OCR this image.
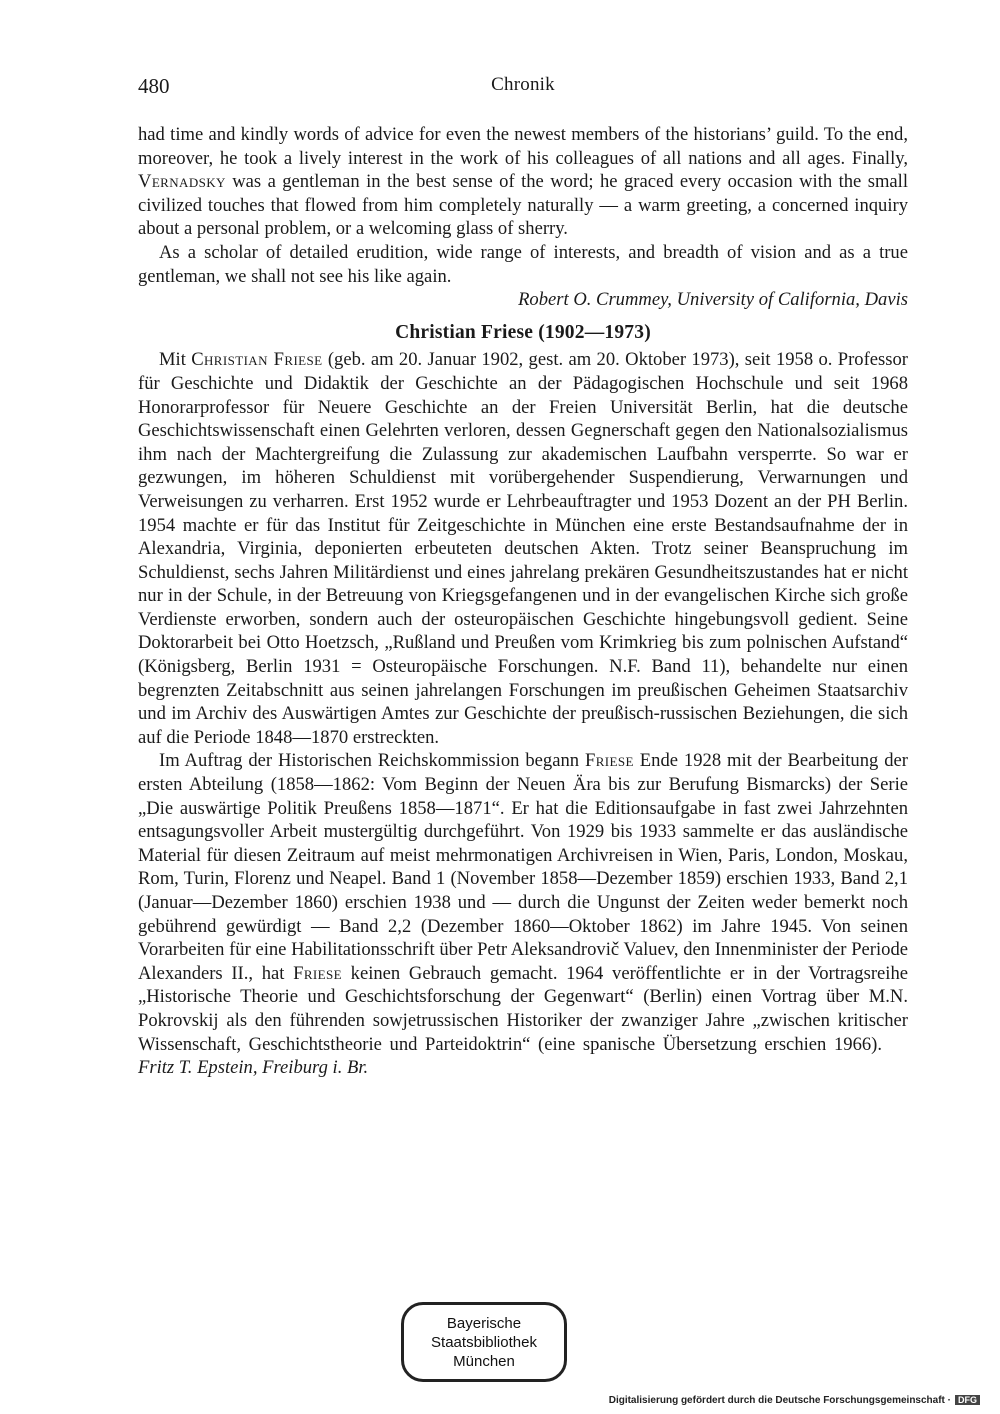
480	Chronik

had time and kindly words of advice for even the newest members of the historians’ guild. To the end, moreover, he took a lively interest in the work of his colleagues of all nations and all ages. Finally, Vernadsky was a gentleman in the best sense of the word; he graced every occasion with the small civilized touches that flowed from him completely naturally — a warm greeting, a concerned inquiry about a personal problem, or a welcoming glass of sherry.

As a scholar of detailed erudition, wide range of interests, and breadth of vision and as a true gentleman, we shall not see his like again.

Robert O. Crummey, University of California, Davis

Christian Friese (1902—1973)

Mit Christian Friese (geb. am 20. Januar 1902, gest. am 20. Oktober 1973), seit 1958 o. Professor für Geschichte und Didaktik der Geschichte an der Pädagogischen Hochschule und seit 1968 Honorarprofessor für Neuere Geschichte an der Freien Universität Berlin, hat die deutsche Geschichtswissenschaft einen Gelehrten verloren, dessen Gegnerschaft gegen den Nationalsozialismus ihm nach der Machtergreifung die Zulassung zur akademischen Laufbahn versperrte. So war er gezwungen, im höheren Schuldienst mit vorübergehender Suspendierung, Verwarnungen und Verweisungen zu verharren. Erst 1952 wurde er Lehrbeauftragter und 1953 Dozent an der PH Berlin. 1954 machte er für das Institut für Zeitgeschichte in München eine erste Bestandsaufnahme der in Alexandria, Virginia, deponierten erbeuteten deutschen Akten. Trotz seiner Beanspruchung im Schuldienst, sechs Jahren Militärdienst und eines jahrelang prekären Gesundheitszustandes hat er nicht nur in der Schule, in der Betreuung von Kriegsgefangenen und in der evangelischen Kirche sich große Verdienste erworben, sondern auch der osteuropäischen Geschichte hingebungsvoll gedient. Seine Doktorarbeit bei Otto Hoetzsch, „Rußland und Preußen vom Krimkrieg bis zum polnischen Aufstand“ (Königsberg, Berlin 1931 = Osteuropäische Forschungen. N.F. Band 11), behandelte nur einen begrenzten Zeitabschnitt aus seinen jahrelangen Forschungen im preußischen Geheimen Staatsarchiv und im Archiv des Auswärtigen Amtes zur Geschichte der preußisch-russischen Beziehungen, die sich auf die Periode 1848—1870 erstreckten.

Im Auftrag der Historischen Reichskommission begann Friese Ende 1928 mit der Bearbeitung der ersten Abteilung (1858—1862: Vom Beginn der Neuen Ära bis zur Berufung Bismarcks) der Serie „Die auswärtige Politik Preußens 1858—1871“. Er hat die Editionsaufgabe in fast zwei Jahrzehnten entsagungsvoller Arbeit mustergültig durchgeführt. Von 1929 bis 1933 sammelte er das ausländische Material für diesen Zeitraum auf meist mehrmonatigen Archivreisen in Wien, Paris, London, Moskau, Rom, Turin, Florenz und Neapel. Band 1 (November 1858—Dezember 1859) erschien 1933, Band 2,1 (Januar—Dezember 1860) erschien 1938 und — durch die Ungunst der Zeiten weder bemerkt noch gebührend gewürdigt — Band 2,2 (Dezember 1860—Oktober 1862) im Jahre 1945. Von seinen Vorarbeiten für eine Habilitationsschrift über Petr Aleksandrovič Valuev, den Innenminister der Periode Alexanders II., hat Friese keinen Gebrauch gemacht. 1964 veröffentlichte er in der Vortragsreihe „Historische Theorie und Geschichtsforschung der Gegenwart“ (Berlin) einen Vortrag über M.N. Pokrovskij als den führenden sowjetrussischen Historiker der zwanziger Jahre „zwischen kritischer Wissenschaft, Geschichtstheorie und Parteidoktrin“ (eine spanische Übersetzung erschien 1966).Fritz T. Epstein, Freiburg i. Br.

Bayerische
Staatsbibliothek
München
Digitalisierung gefördert durch die Deutsche Forschungsgemeinschaft · DFG
